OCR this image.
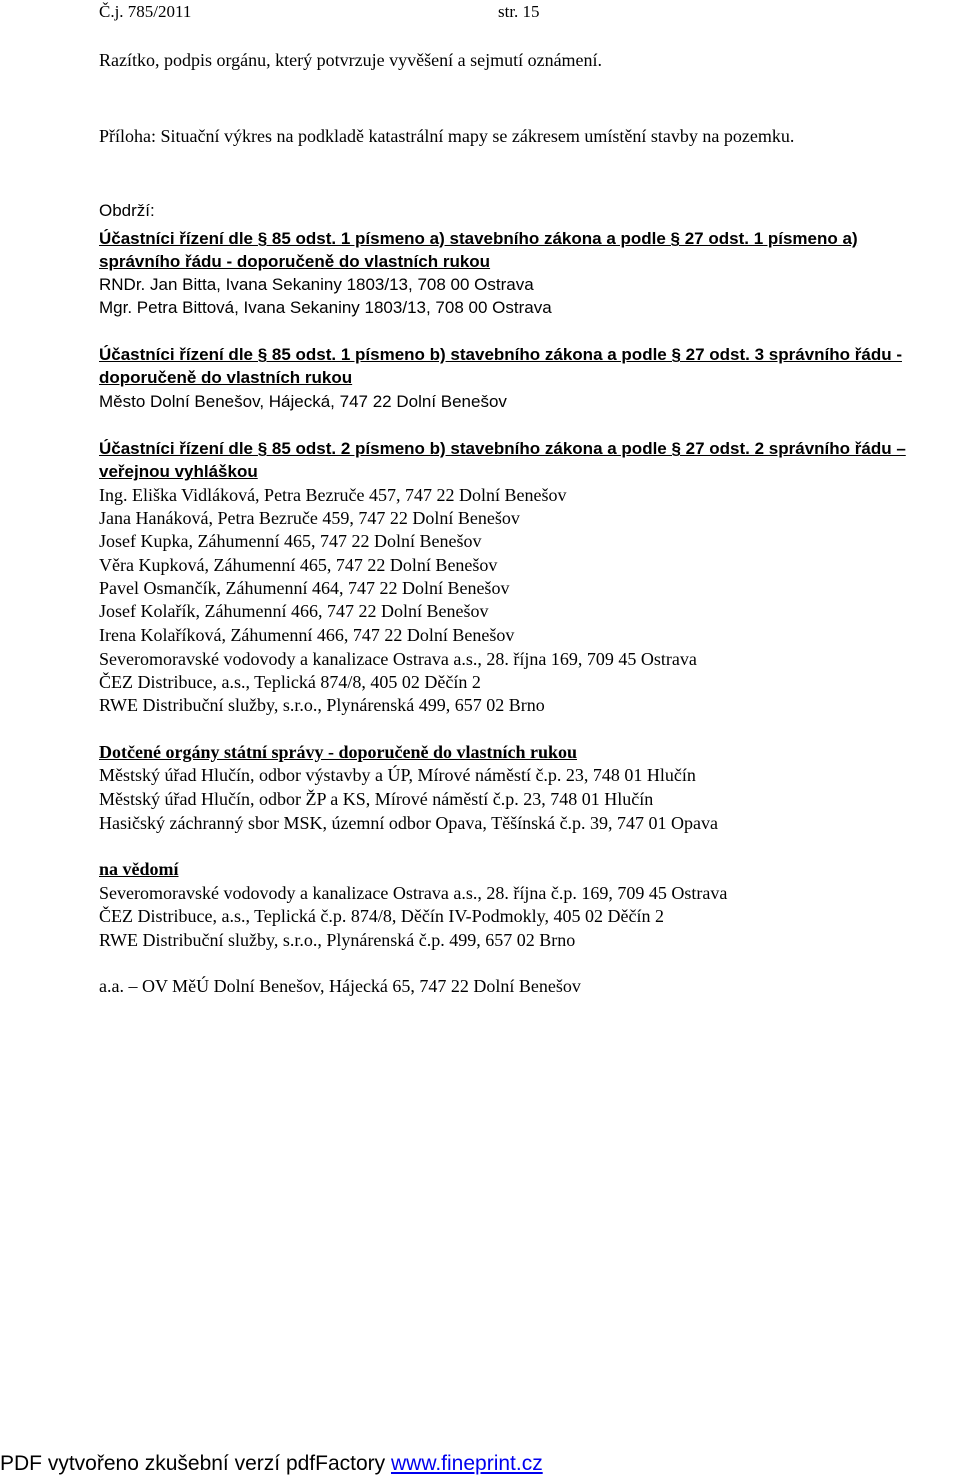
Č.j. 785/2011	str. 15
Razítko, podpis orgánu, který potvrzuje vyvěšení a sejmutí oznámení.
Příloha: Situační výkres na podkladě katastrální mapy se zákresem umístění stavby na pozemku.
Obdrží:
Účastníci řízení dle § 85 odst. 1 písmeno a) stavebního zákona a podle § 27 odst. 1 písmeno a)
správního řádu - doporučeně do vlastních rukou
RNDr. Jan Bitta, Ivana Sekaniny 1803/13, 708 00 Ostrava
Mgr. Petra Bittová, Ivana Sekaniny 1803/13, 708 00 Ostrava
Účastníci řízení dle § 85 odst. 1 písmeno b) stavebního zákona a podle § 27 odst. 3 správního řádu -
doporučeně do vlastních rukou
Město Dolní Benešov, Hájecká, 747 22 Dolní Benešov
Účastníci řízení dle § 85 odst. 2 písmeno b) stavebního zákona a podle § 27 odst. 2 správního řádu –
veřejnou vyhláškou
Ing. Eliška Vidláková, Petra Bezruče 457, 747 22 Dolní Benešov
Jana Hanáková, Petra Bezruče 459, 747 22 Dolní Benešov
Josef Kupka, Záhumenní 465, 747 22 Dolní Benešov
Věra Kupková, Záhumenní 465, 747 22 Dolní Benešov
Pavel Osmančík, Záhumenní 464, 747 22 Dolní Benešov
Josef Kolařík, Záhumenní 466, 747 22 Dolní Benešov
Irena Kolaříková, Záhumenní 466, 747 22 Dolní Benešov
Severomoravské vodovody a kanalizace Ostrava a.s., 28. října 169, 709 45 Ostrava
ČEZ Distribuce, a.s., Teplická 874/8, 405 02 Děčín 2
RWE Distribuční služby, s.r.o., Plynárenská 499, 657 02 Brno
Dotčené orgány státní správy - doporučeně do vlastních rukou
Městský úřad Hlučín, odbor výstavby a ÚP, Mírové náměstí č.p. 23, 748 01 Hlučín
Městský úřad Hlučín, odbor ŽP a KS, Mírové náměstí č.p. 23, 748 01 Hlučín
Hasičský záchranný sbor MSK, územní odbor Opava, Těšínská č.p. 39, 747 01 Opava
na vědomí
Severomoravské vodovody a kanalizace Ostrava a.s., 28. října č.p. 169, 709 45 Ostrava
ČEZ Distribuce, a.s., Teplická č.p. 874/8, Děčín IV-Podmokly, 405 02 Děčín 2
RWE Distribuční služby, s.r.o., Plynárenská č.p. 499, 657 02 Brno
a.a. – OV MěÚ Dolní Benešov, Hájecká 65, 747 22 Dolní Benešov
PDF vytvořeno zkušební verzí pdfFactory www.fineprint.cz
